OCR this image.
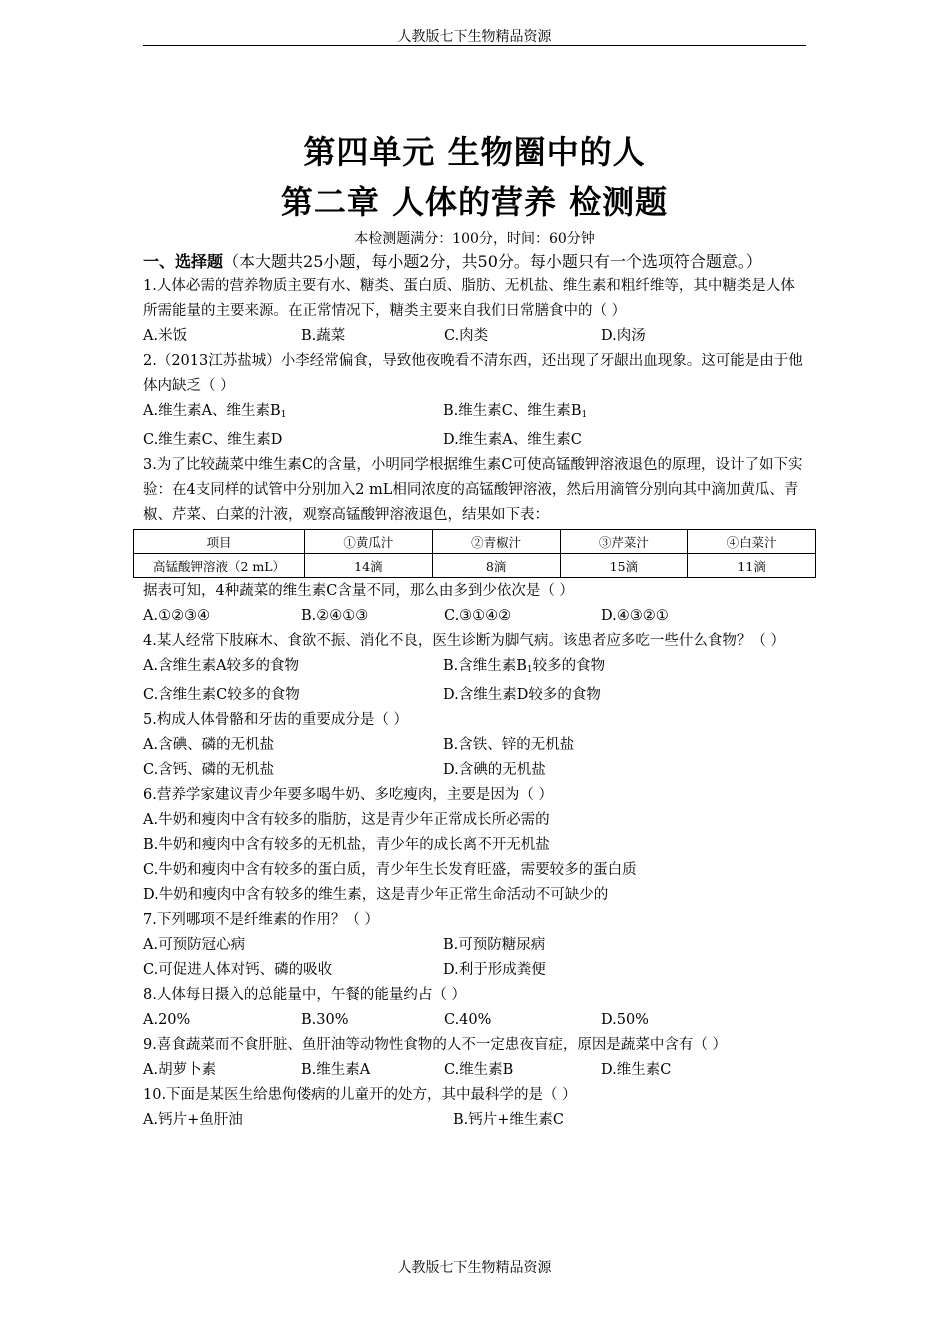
人教版七下生物精品资源
第四单元 生物圈中的人
第二章 人体的营养 检测题
本检测题满分：100分，时间：60分钟
一、选择题（本大题共25小题，每小题2分，共50分。每小题只有一个选项符合题意。）
1.人体必需的营养物质主要有水、糖类、蛋白质、脂肪、无机盐、维生素和粗纤维等，其中糖类是人体所需能量的主要来源。在正常情况下，糖类主要来自我们日常膳食中的（ ）
A.米饭	B.蔬菜	C.肉类	D.肉汤
2.（2013江苏盐城）小李经常偏食，导致他夜晚看不清东西，还出现了牙龈出血现象。这可能是由于他体内缺乏（ ）
A.维生素A、维生素$B_1$	B.维生素C、维生素$B_1$
C.维生素C、维生素D	D.维生素A、维生素C
3.为了比较蔬菜中维生素C的含量，小明同学根据维生素C可使高锰酸钾溶液退色的原理，设计了如下实验：在4支同样的试管中分别加入2 mL相同浓度的高锰酸钾溶液，然后用滴管分别向其中滴加黄瓜、青椒、芹菜、白菜的汁液，观察高锰酸钾溶液退色，结果如下表：
项目	①黄瓜汁	②青椒汁	③芹菜汁	④白菜汁
高锰酸钾溶液（2 mL）	14滴	8滴	15滴	11滴
据表可知，4种蔬菜的维生素C含量不同，那么由多到少依次是（ ）
A.①②③④	B.②④①③	C.③①④②	D.④③②①
4.某人经常下肢麻木、食欲不振、消化不良，医生诊断为脚气病。该患者应多吃一些什么食物？（ ）
A.含维生素A较多的食物	B.含维生素$B_1$较多的食物
C.含维生素C较多的食物	D.含维生素D较多的食物
5.构成人体骨骼和牙齿的重要成分是（ ）
A.含碘、磷的无机盐	B.含铁、锌的无机盐
C.含钙、磷的无机盐	D.含碘的无机盐
6.营养学家建议青少年要多喝牛奶、多吃瘦肉，主要是因为（ ）
A.牛奶和瘦肉中含有较多的脂肪，这是青少年正常成长所必需的
B.牛奶和瘦肉中含有较多的无机盐，青少年的成长离不开无机盐
C.牛奶和瘦肉中含有较多的蛋白质，青少年生长发育旺盛，需要较多的蛋白质
D.牛奶和瘦肉中含有较多的维生素，这是青少年正常生命活动不可缺少的
7.下列哪项不是纤维素的作用？（ ）
A.可预防冠心病	B.可预防糖尿病
C.可促进人体对钙、磷的吸收	D.利于形成粪便
8.人体每日摄入的总能量中，午餐的能量约占（ ）
A.20%	B.30%	C.40%	D.50%
9.喜食蔬菜而不食肝脏、鱼肝油等动物性食物的人不一定患夜盲症，原因是蔬菜中含有（ ）
A.胡萝卜素	B.维生素A	C.维生素B	D.维生素C
10.下面是某医生给患佝偻病的儿童开的处方，其中最科学的是（ ）
A.钙片+鱼肝油	B.钙片+维生素C
人教版七下生物精品资源
